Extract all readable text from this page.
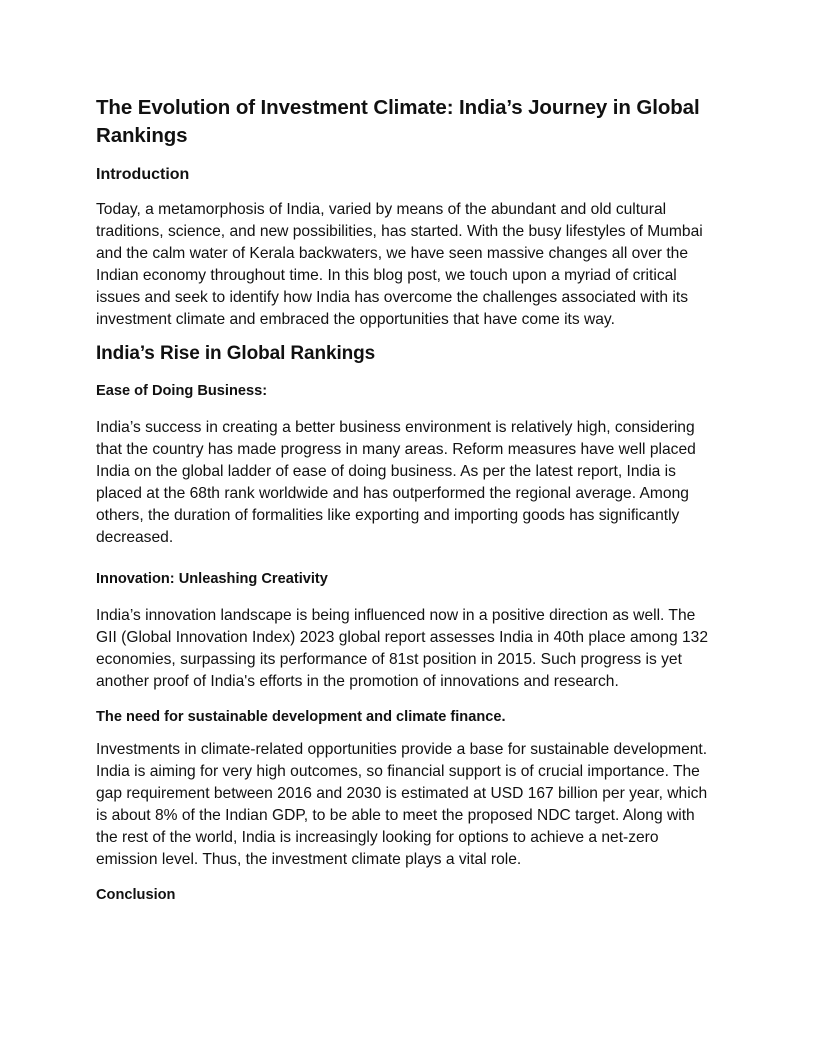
The Evolution of Investment Climate: India’s Journey in Global Rankings
Introduction

Today, a metamorphosis of India, varied by means of the abundant and old cultural traditions, science, and new possibilities, has started. With the busy lifestyles of Mumbai and the calm water of Kerala backwaters, we have seen massive changes all over the Indian economy throughout time. In this blog post, we touch upon a myriad of critical issues and seek to identify how India has overcome the challenges associated with its investment climate and embraced the opportunities that have come its way.

India’s Rise in Global Rankings
Ease of Doing Business:

India’s success in creating a better business environment is relatively high, considering that the country has made progress in many areas. Reform measures have well placed India on the global ladder of ease of doing business. As per the latest report, India is placed at the 68th rank worldwide and has outperformed the regional average. Among others, the duration of formalities like exporting and importing goods has significantly decreased.

Innovation: Unleashing Creativity

India’s innovation landscape is being influenced now in a positive direction as well. The GII (Global Innovation Index) 2023 global report assesses India in 40th place among 132 economies, surpassing its performance of 81st position in 2015. Such progress is yet another proof of India's efforts in the promotion of innovations and research.

The need for sustainable development and climate finance.

Investments in climate-related opportunities provide a base for sustainable development. India is aiming for very high outcomes, so financial support is of crucial importance. The gap requirement between 2016 and 2030 is estimated at USD 167 billion per year, which is about 8% of the Indian GDP, to be able to meet the proposed NDC target. Along with the rest of the world, India is increasingly looking for options to achieve a net-zero emission level. Thus, the investment climate plays a vital role.

Conclusion
